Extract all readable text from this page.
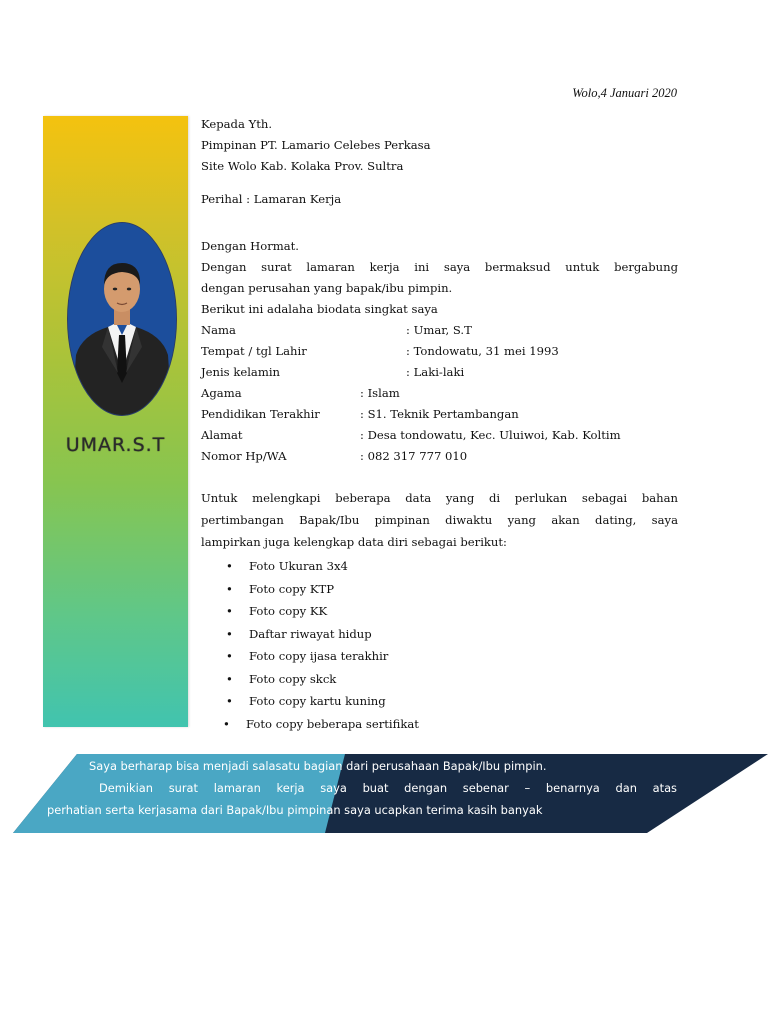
Wolo,4 Januari 2020
UMAR.S.T

Kepada Yth.

Pimpinan PT. Lamario Celebes Perkasa

Site Wolo Kab. Kolaka Prov. Sultra

Perihal : Lamaran Kerja

Dengan Hormat.

Dengan surat lamaran kerja ini saya bermaksud untuk bergabung

dengan perusahan yang bapak/ibu pimpin.

Berikut ini adalaha biodata singkat saya

Nama	: Umar, S.T
Tempat / tgl Lahir	: Tondowatu, 31 mei 1993
Jenis kelamin	: Laki-laki
Agama	: Islam
Pendidikan Terakhir	: S1. Teknik Pertambangan
Alamat	: Desa tondowatu, Kec. Uluiwoi, Kab. Koltim
Nomor Hp/WA	: 082 317 777 010

Untuk melengkapi beberapa data yang di perlukan sebagai bahan

pertimbangan Bapak/Ibu pimpinan diwaktu yang akan dating, saya

lampirkan juga kelengkap data diri sebagai berikut:

• Foto Ukuran 3x4
• Foto copy KTP
• Foto copy KK
• Daftar riwayat hidup
• Foto copy ijasa terakhir
• Foto copy skck
• Foto copy kartu kuning
• Foto copy beberapa sertifikat

Saya berharap bisa menjadi salasatu bagian dari perusahaan Bapak/Ibu pimpin.

Demikian surat lamaran kerja saya buat dengan sebenar – benarnya dan atas

perhatian serta kerjasama dari Bapak/Ibu pimpinan saya ucapkan terima kasih banyak
